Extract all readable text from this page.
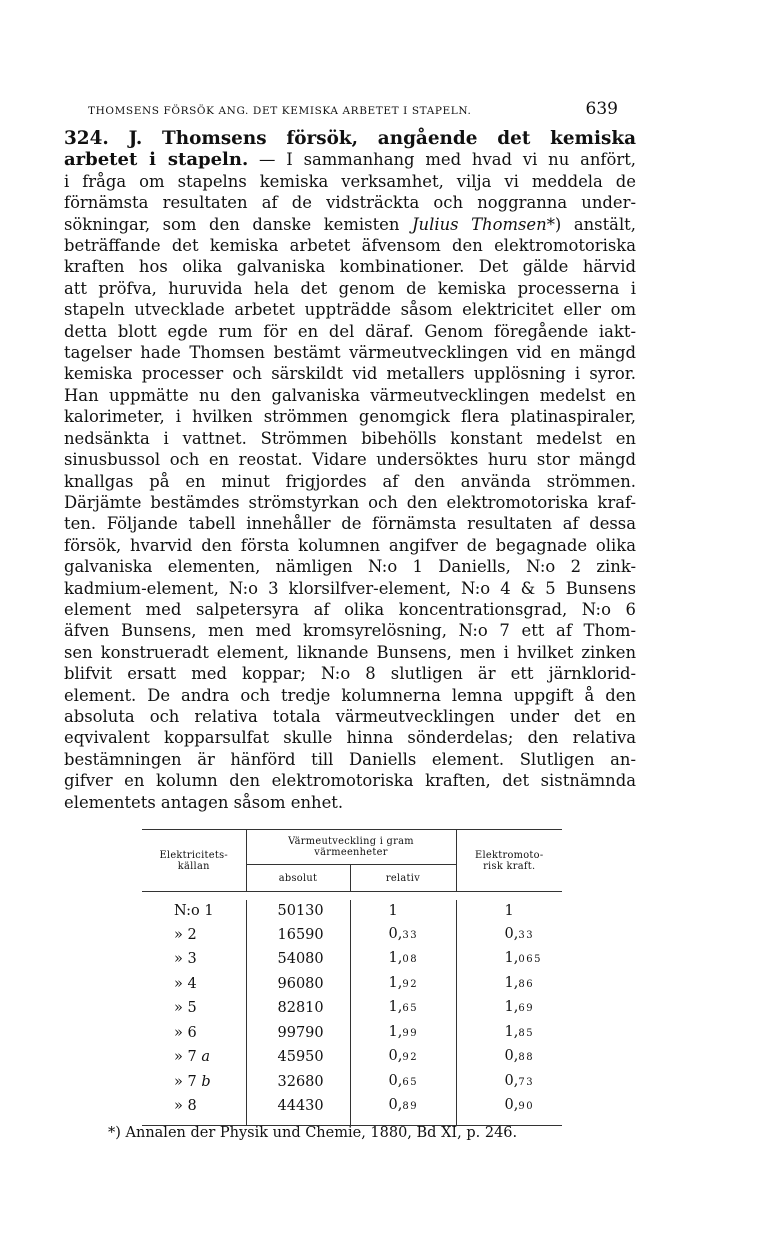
THOMSENS FÖRSÖK ANG. DET KEMISKA ARBETET I STAPELN.	639
324. J. Thomsens försök, angående det kemiska
arbetet i stapeln. — I sammanhang med hvad vi nu anfört,
i fråga om stapelns kemiska verksamhet, vilja vi meddela de
förnämsta resultaten af de vidsträckta och noggranna under-
sökningar, som den danske kemisten Julius Thomsen*) anstält,
beträffande det kemiska arbetet äfvensom den elektromotoriska
kraften hos olika galvaniska kombinationer. Det gälde härvid
att pröfva, huruvida hela det genom de kemiska processerna i
stapeln utvecklade arbetet uppträdde såsom elektricitet eller om
detta blott egde rum för en del däraf. Genom föregående iakt-
tagelser hade Thomsen bestämt värmeutvecklingen vid en mängd
kemiska processer och särskildt vid metallers upplösning i syror.
Han uppmätte nu den galvaniska värmeutvecklingen medelst en
kalorimeter, i hvilken strömmen genomgick flera platinaspiraler,
nedsänkta i vattnet. Strömmen bibehölls konstant medelst en
sinusbussol och en reostat. Vidare undersöktes huru stor mängd
knallgas på en minut frigjordes af den använda strömmen.
Därjämte bestämdes strömstyrkan och den elektromotoriska kraf-
ten. Följande tabell innehåller de förnämsta resultaten af dessa
försök, hvarvid den första kolumnen angifver de begagnade olika
galvaniska elementen, nämligen N:o 1 Daniells, N:o 2 zink-
kadmium-element, N:o 3 klorsilfver-element, N:o 4 & 5 Bunsens
element med salpetersyra af olika koncentrationsgrad, N:o 6
äfven Bunsens, men med kromsyrelösning, N:o 7 ett af Thom-
sen konstrueradt element, liknande Bunsens, men i hvilket zinken
blifvit ersatt med koppar; N:o 8 slutligen är ett järnklorid-
element. De andra och tredje kolumnerna lemna uppgift å den
absoluta och relativa totala värmeutvecklingen under det en
eqvivalent kopparsulfat skulle hinna sönderdelas; den relativa
bestämningen är hänförd till Daniells element. Slutligen an-
gifver en kolumn den elektromotoriska kraften, det sistnämnda
elementets antagen såsom enhet.
Elektricitets-
källan	Värmeutveckling i gram
värmeenheter		Elektromoto-
risk kraft.
	absolut	relativ	

N:o 1	50130	1	1
» 2	16590	0,33	0,33
» 3	54080	1,08	1,065
» 4	96080	1,92	1,86
» 5	82810	1,65	1,69
» 6	99790	1,99	1,85
» 7 a	45950	0,92	0,88
» 7 b	32680	0,65	0,73
» 8	44430	0,89	0,90

*) Annalen der Physik und Chemie, 1880, Bd XI, p. 246.
